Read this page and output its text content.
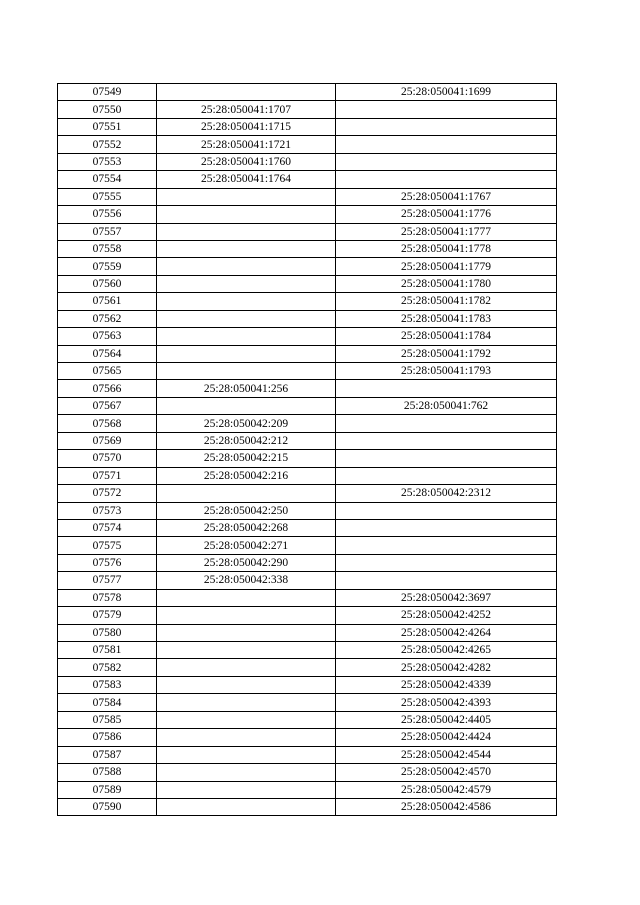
07549		25:28:050041:1699
07550	25:28:050041:1707	
07551	25:28:050041:1715	
07552	25:28:050041:1721	
07553	25:28:050041:1760	
07554	25:28:050041:1764	
07555		25:28:050041:1767
07556		25:28:050041:1776
07557		25:28:050041:1777
07558		25:28:050041:1778
07559		25:28:050041:1779
07560		25:28:050041:1780
07561		25:28:050041:1782
07562		25:28:050041:1783
07563		25:28:050041:1784
07564		25:28:050041:1792
07565		25:28:050041:1793
07566	25:28:050041:256	
07567		25:28:050041:762
07568	25:28:050042:209	
07569	25:28:050042:212	
07570	25:28:050042:215	
07571	25:28:050042:216	
07572		25:28:050042:2312
07573	25:28:050042:250	
07574	25:28:050042:268	
07575	25:28:050042:271	
07576	25:28:050042:290	
07577	25:28:050042:338	
07578		25:28:050042:3697
07579		25:28:050042:4252
07580		25:28:050042:4264
07581		25:28:050042:4265
07582		25:28:050042:4282
07583		25:28:050042:4339
07584		25:28:050042:4393
07585		25:28:050042:4405
07586		25:28:050042:4424
07587		25:28:050042:4544
07588		25:28:050042:4570
07589		25:28:050042:4579
07590		25:28:050042:4586
